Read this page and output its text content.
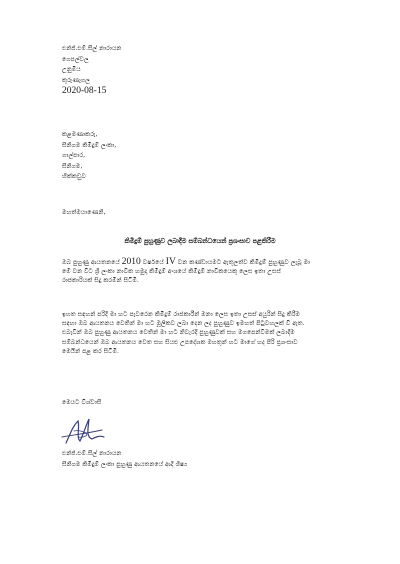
එන්ජ්.එම්.සීල් නාරායන
ගෙපල්වල
උනුමිය
කුරුණෑගල
2020-08-15
කළමණාකරු,
සීනිගම කිමිදුම් ලංකා,
ගාල්පාර,
සීනිගම,
හික්කඩුව
මහත්මයාණෙනි,
කිමිදුම් පුහුණුව ලබාදීම සම්බන්ධයෙන් ප්‍රශංසාව පළකිරීම
ඔබ පුහුණු ආයතනයේ 2010 වර්ෂයේ IV වන කණ්ඩායමට ඇතුලත්ව කිමිදුම් පුහුණුව ලැබූ මා
මේ වන විට ශ්‍රී ලංකා නාවික හමුදා කිමිදුම් අංශයේ කිමිදුම් නාවිකයෙකු ලෙස ඉතා උසස්
රාජකාරියක් සිදු කරමින් සිටිමි.
ඉහත සඳහන් පරිදි මා හට පැවරෙන කිමිදුම් රාජකාරීන් මනා ලෙස ඉතා උසස් අයුරින් සිදු කිරීම
සඳහා ඔබ ආයතනය වෙතින් මා හට මූලිකව ලබා දෙන ලද පුහුණුව ඉමහත් පිටුවහලක් වී ඇත.
එබැවින් ඔබ පුහුණු ආයතනය වෙතින් මා හට නිවැරදි පුහුණුවක් සහ මගපෙන්වීමක් ලබාදීම
සම්බන්ධයෙන් ඔබ ආයතනය වෙත සහ සියළු උපදේශක මහතුන් හට මාගේ හද පිරි ප්‍රශංසාව
මෙයින් පළ කර සිටිමි.
මෙයට විශ්වාසී
එන්ජ්.එම්.සීල් නාරායන
සීනිගම කිමිදුම් ලංකා පුහුණු ආයතනයේ ආදි ශිෂ්‍ය
